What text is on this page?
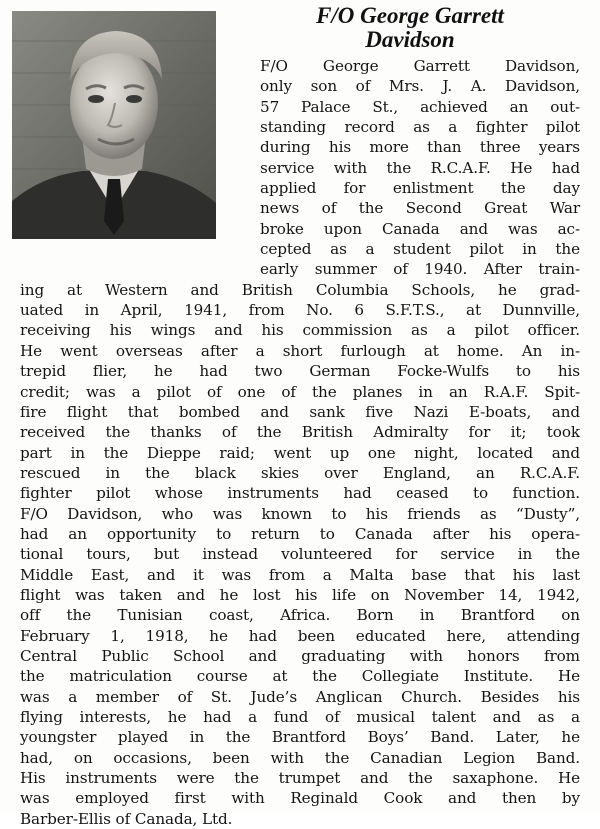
F/O George Garrett
Davidson
F/O George Garrett Davidson,
only son of Mrs. J. A. Davidson,
57 Palace St., achieved an out-
standing record as a fighter pilot
during his more than three years
service with the R.C.A.F. He had
applied for enlistment the day
news of the Second Great War
broke upon Canada and was ac-
cepted as a student pilot in the
early summer of 1940. After train-
ing at Western and British Columbia Schools, he grad-
uated in April, 1941, from No. 6 S.F.T.S., at Dunnville,
receiving his wings and his commission as a pilot officer.
He went overseas after a short furlough at home. An in-
trepid flier, he had two German Focke-Wulfs to his
credit; was a pilot of one of the planes in an R.A.F. Spit-
fire flight that bombed and sank five Nazi E-boats, and
received the thanks of the British Admiralty for it; took
part in the Dieppe raid; went up one night, located and
rescued in the black skies over England, an R.C.A.F.
fighter pilot whose instruments had ceased to function.
F/O Davidson, who was known to his friends as “Dusty”,
had an opportunity to return to Canada after his opera-
tional tours, but instead volunteered for service in the
Middle East, and it was from a Malta base that his last
flight was taken and he lost his life on November 14, 1942,
off the Tunisian coast, Africa. Born in Brantford on
February 1, 1918, he had been educated here, attending
Central Public School and graduating with honors from
the matriculation course at the Collegiate Institute. He
was a member of St. Jude’s Anglican Church. Besides his
flying interests, he had a fund of musical talent and as a
youngster played in the Brantford Boys’ Band. Later, he
had, on occasions, been with the Canadian Legion Band.
His instruments were the trumpet and the saxaphone. He
was employed first with Reginald Cook and then by
Barber-Ellis of Canada, Ltd.
